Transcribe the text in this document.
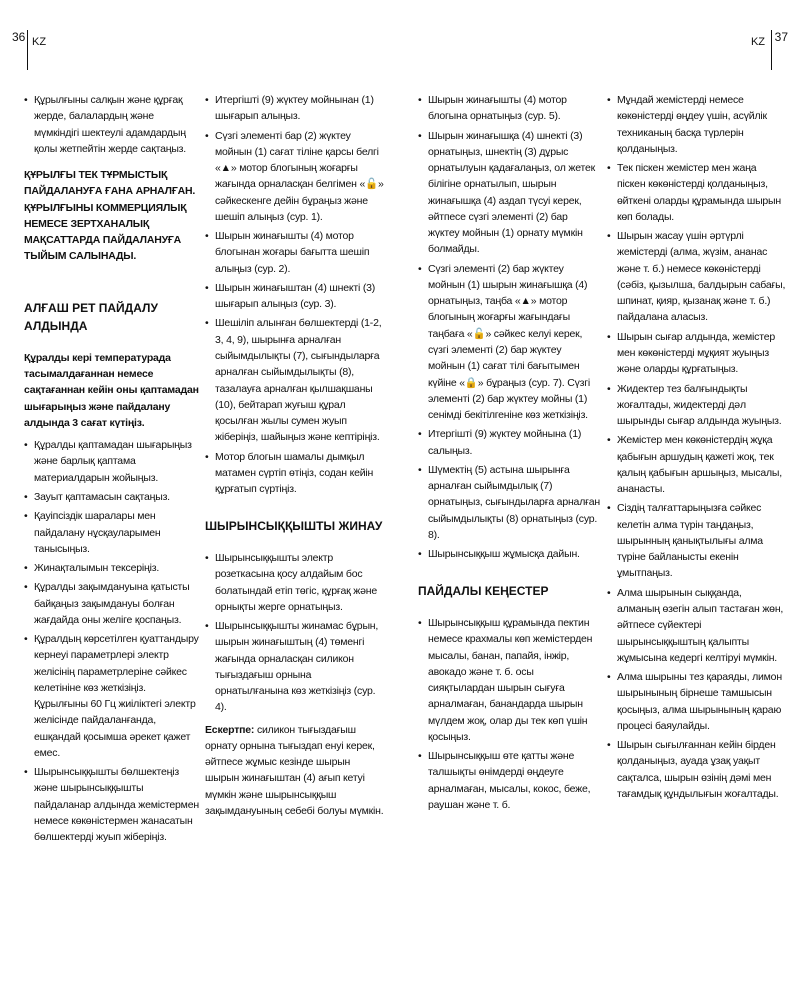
36 KZ	KZ 37
• Құрылғыны салқын және құрғақ жерде, балалардың және мүмкіндігі шектеулі адамдардың қолы жетпейтін жерде сақтаңыз.

ҚҰРЫЛҒЫ ТЕК ТҰРМЫСТЫҚ ПАЙДАЛАНУҒА ҒАНА АРНАЛҒАН. ҚҰРЫЛҒЫНЫ КОММЕРЦИЯЛЫҚ НЕМЕСЕ ЗЕРТХАНАЛЫҚ МАҚСАТТАРДА ПАЙДАЛАНУҒА ТЫЙЫМ САЛЫНАДЫ.

АЛҒАШ РЕТ ПАЙДАЛУ АЛДЫНДА

Құралды кері температурада тасымалдағаннан немесе сақтағаннан кейін оны қаптамадан шығарыңыз және пайдалану алдында 3 сағат күтіңіз.

• Құралды қаптамадан шығарыңыз және барлық қаптама материалдарын жойыңыз.
• Зауыт қаптамасын сақтаңыз.
• Қауіпсіздік шаралары мен пайдалану нұсқауларымен танысыңыз.
• Жинақталымын тексеріңіз.
• Құралды зақымдануына қатысты байқаңыз зақымдануы болған жағдайда оны желіге қоспаңыз.
• Құралдың көрсетілген қуаттандыру кернеуі параметрлері электр желісінің параметрлеріне сәйкес келетініне көз жеткізіңіз. Құрылғыны 60 Гц жиіліктегі электр желісінде пайдаланғанда, ешқандай қосымша әрекет қажет емес.
• Шырынсыққышты бөлшектеңіз және шырынсыққышты пайдаланар алдында жемістермен немесе көкөністермен жанасатын бөлшектерді жуып жіберіңіз.
• Итергішті (9) жүктеу мойнынан (1) шығарып алыңыз.
• Сүзгі элементі бар (2) жүктеу мойнын (1) сағат тіліне қарсы белгі «▲» мотор блогының жоғарғы жағында орналасқан белгімен «🔓» сәйкескенге дейін бұраңыз және шешіп алыңыз (сур. 1).
• Шырын жинағышты (4) мотор блогынан жоғары бағытта шешіп алыңыз (сур. 2).
• Шырын жинағыштан (4) шнекті (3) шығарып алыңыз (сур. 3).
• Шешіліп алынған бөлшектерді (1-2, 3, 4, 9), шырынға арналған сыйымдылықты (7), сығындыларға арналған сыйымдылықты (8), тазалауға арналған қылшақшаны (10), бейтарап жуғыш құрал қосылған жылы сумен жуып жіберіңіз, шайыңыз және кептіріңіз.
• Мотор блогын шамалы дымқыл матамен сүртіп өтіңіз, содан кейін құрғатып сүртіңіз.
ШЫРЫНСЫҚҚЫШТЫ ЖИНАУ
• Шырынсыққышты электр розеткасына қосу алдайым бос болатындай етіп төгіс, құрғақ және орнықты жерге орнатыңыз.
• Шырынсыққышты жинамас бұрын, шырын жинағыштың (4) төменгі жағында орналасқан силикон тығыздағыш орнына орнатылғанына көз жеткізіңіз (сур. 4).

Ескертпе: силикон тығыздағыш орнату орнына тығыздап енуі керек, әйтпесе жұмыс кезінде шырын шырын жинағыштан (4) ағып кетуі мүмкін және шырынсыққыш зақымдануының себебі болуы мүмкін.

• Шырын жинағышты (4) мотор блогына орнатыңыз (сур. 5).
• Шырын жинағышқа (4) шнекті (3) орнатыңыз, шнектің (3) дұрыс орнатылуын қадағалаңыз, ол жетек білігіне орнатылып, шырын жинағышқа (4) аздап түсуі керек, әйтпесе сүзгі элементі (2) бар жүктеу мойнын (1) орнату мүмкін болмайды.
• Сүзгі элементі (2) бар жүктеу мойнын (1) шырын жинағышқа (4) орнатыңыз, таңба «▲» мотор блогының жоғарғы жағындағы таңбаға «🔓» сәйкес келуі керек, сүзгі элементі (2) бар жүктеу мойнын (1) сағат тілі бағытымен күйіне «🔒» бұраңыз (сур. 7). Сүзгі элементі (2) бар жүктеу мойны (1) сенімді бекітілгеніне көз жеткізіңіз.
• Итергішті (9) жүктеу мойнына (1) салыңыз.
• Шүмектің (5) астына шырынға арналған сыйымдылық (7) орнатыңыз, сығындыларға арналған сыйымдылықты (8) орнатыңыз (сур. 8).
• Шырынсыққыш жұмысқа дайын.
ПАЙДАЛЫ КЕҢЕСТЕР
• Шырынсыққыш құрамында пектин немесе крахмалы көп жемістерден мысалы, банан, папайя, інжір, авокадо және т. б. осы сияқтылардан шырын сығуға арналмаған, банандарда шырын мүлдем жоқ, олар ды тек көп үшін қосыңыз.
• Шырынсыққыш өте қатты және талшықты өнімдерді өңдеуге арналмаған, мысалы, кокос, беже, раушан және т. б.
• Мұндай жемістерді немесе көкөністерді өңдеу үшін, асүйлік техниканың басқа түрлерін қолданыңыз.
• Тек піскен жемістер мен жаңа піскен көкөністерді қолданыңыз, өйткені оларды құрамында шырын көп болады.
• Шырын жасау үшін әртүрлі жемістерді (алма, жүзім, ананас және т. б.) немесе көкөністерді (сәбіз, қызылша, балдырын сабағы, шпинат, қияр, қызанақ және т. б.) пайдалана аласыз.
• Шырын сығар алдында, жемістер мен көкөністерді мұқият жуыңыз және оларды құрғатыңыз.
• Жидектер тез балғындықты жоғалтады, жидектерді дәл шырынды сығар алдында жуыңыз.
• Жемістер мен көкөністердің жұқа қабығын аршудың қажеті жоқ, тек қалың қабығын аршыңыз, мысалы, ананасты.
• Сіздің талғаттарыңызға сәйкес келетін алма түрін таңдаңыз, шырынның қанықтылығы алма түріне байланысты екенін ұмытпаңыз.
• Алма шырынын сыққанда, алманың өзегін алып тастаған жөн, әйтпесе сүйектері шырынсыққыштың қалыпты жұмысына кедергі келтіруі мүмкін.
• Алма шырыны тез қараяды, лимон шырынының бірнеше тамшысын қосыңыз, алма шырынының қараю процесі баяулайды.
• Шырын сығылғаннан кейін бірден қолданыңыз, ауада ұзақ уақыт сақталса, шырын өзінің дәмі мен тағамдық құндылығын жоғалтады.
